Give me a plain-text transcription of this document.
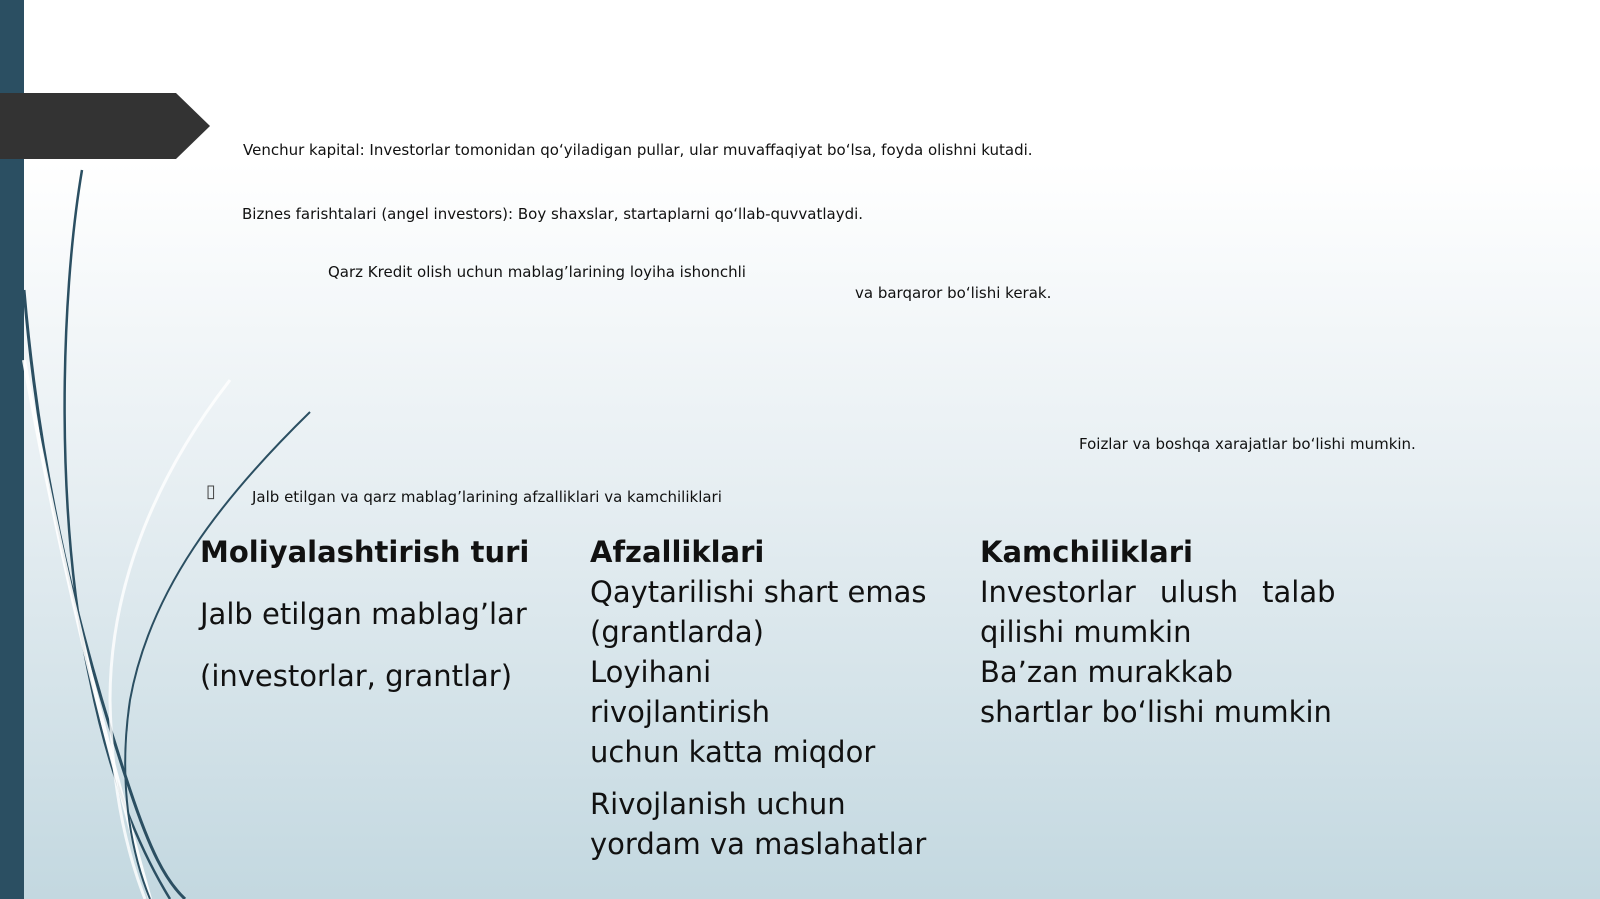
Venchur kapital: Investorlar tomonidan qoʻyiladigan pullar, ular muvaffaqiyat boʻlsa, foyda olishni kutadi.
Biznes farishtalari (angel investors): Boy shaxslar, startaplarni qoʻllab-quvvatlaydi.
Qarz Kredit olish uchun mablagʼlarining loyiha ishonchli
va barqaror boʻlishi kerak.
Foizlar va boshqa xarajatlar boʻlishi mumkin.
▯ Jalb etilgan va qarz mablagʼlarining afzalliklari va kamchiliklari
Moliyalashtirish turi
Jalb etilgan mablagʼlar
(investorlar, grantlar)
Afzalliklari
Qaytarilishi shart emas
(grantlarda)
Loyihanirivojlantirish
uchun katta miqdor
Rivojlanish uchun
yordam va maslahatlar
Kamchiliklari
Investorlar ulush talab
qilishi mumkin
Baʼzan murakkab
shartlar boʻlishi mumkin
